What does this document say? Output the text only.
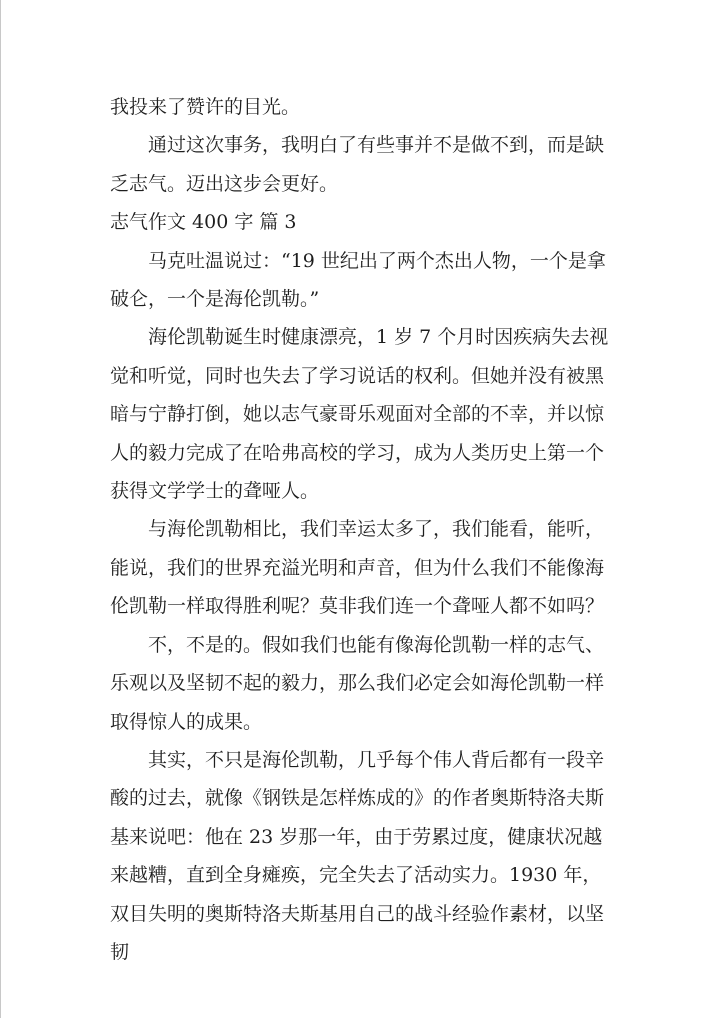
我投来了赞许的目光。

通过这次事务，我明白了有些事并不是做不到，而是缺乏志气。迈出这步会更好。

志气作文 400 字 篇 3

马克吐温说过：“19 世纪出了两个杰出人物，一个是拿破仑，一个是海伦凯勒。”

海伦凯勒诞生时健康漂亮，1 岁 7 个月时因疾病失去视觉和听觉，同时也失去了学习说话的权利。但她并没有被黑暗与宁静打倒，她以志气豪哥乐观面对全部的不幸，并以惊人的毅力完成了在哈弗高校的学习，成为人类历史上第一个获得文学学士的聋哑人。

与海伦凯勒相比，我们幸运太多了，我们能看，能听，能说，我们的世界充溢光明和声音，但为什么我们不能像海伦凯勒一样取得胜利呢？莫非我们连一个聋哑人都不如吗？

不，不是的。假如我们也能有像海伦凯勒一样的志气、乐观以及坚韧不起的毅力，那么我们必定会如海伦凯勒一样取得惊人的成果。

其实，不只是海伦凯勒，几乎每个伟人背后都有一段辛酸的过去，就像《钢铁是怎样炼成的》的作者奥斯特洛夫斯基来说吧：他在 23 岁那一年，由于劳累过度，健康状况越来越糟，直到全身瘫痪，完全失去了活动实力。1930 年，双目失明的奥斯特洛夫斯基用自己的战斗经验作素材，以坚韧
